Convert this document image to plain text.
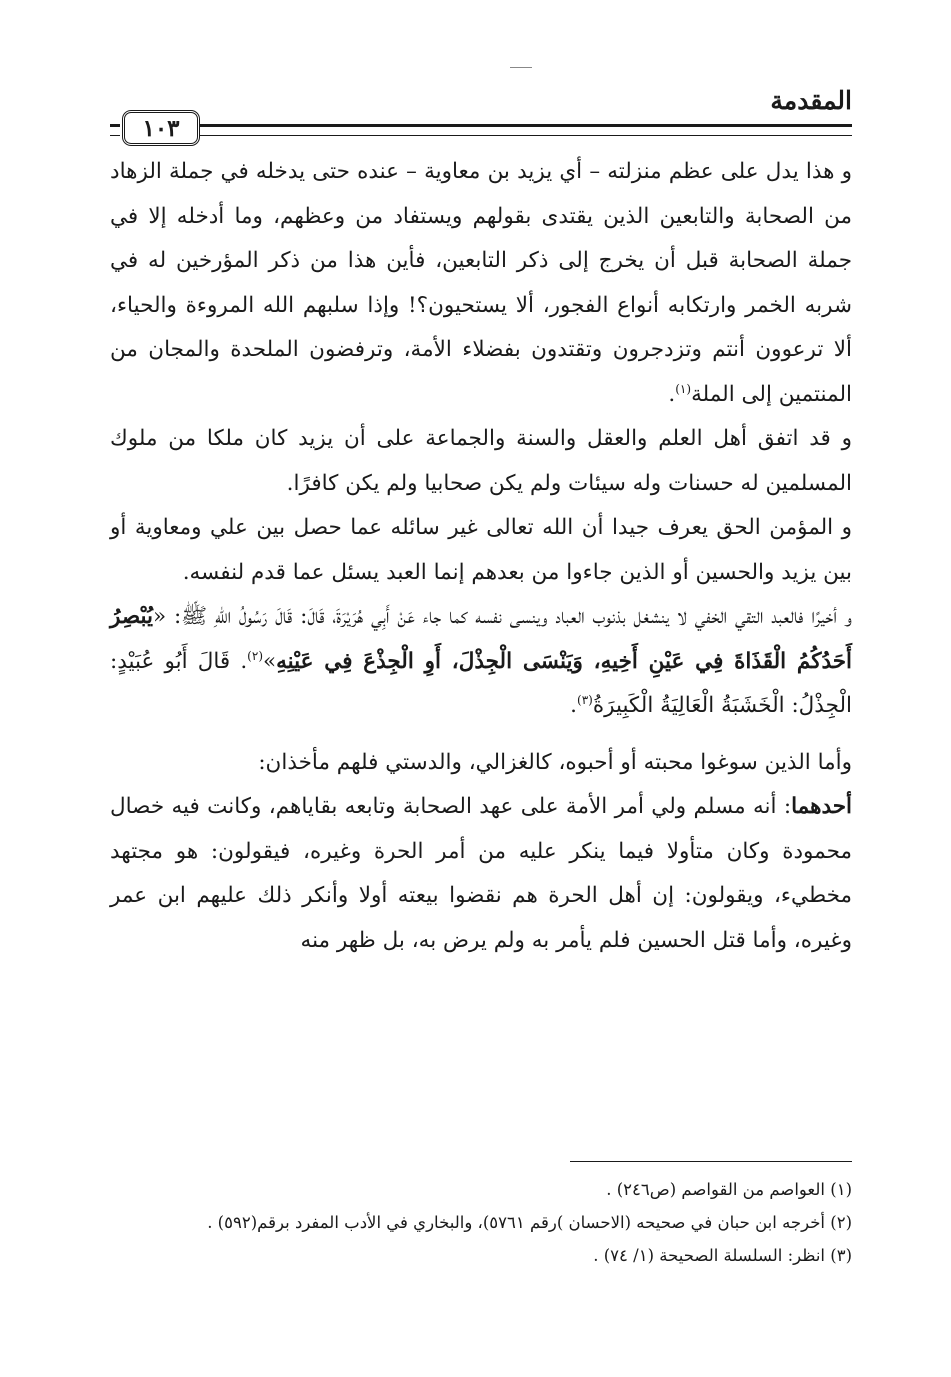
المقدمة
١٠٣

و هذا يدل على عظم منزلته – أي يزيد بن معاوية – عنده حتى يدخله في جملة الزهاد من الصحابة والتابعين الذين يقتدى بقولهم ويستفاد من وعظهم، وما أدخله إلا في جملة الصحابة قبل أن يخرج إلى ذكر التابعين، فأين هذا من ذكر المؤرخين له في شربه الخمر وارتكابه أنواع الفجور، ألا يستحيون؟! وإذا سلبهم الله المروءة والحياء، ألا ترعوون أنتم وتزدجرون وتقتدون بفضلاء الأمة، وترفضون الملحدة والمجان من المنتمين إلى الملة$^{(١)}$.

و قد اتفق أهل العلم والعقل والسنة والجماعة على أن يزيد كان ملكا من ملوك المسلمين له حسنات وله سيئات ولم يكن صحابيا ولم يكن كافرًا.

و المؤمن الحق يعرف جيدا أن الله تعالى غير سائله عما حصل بين علي ومعاوية أو بين يزيد والحسين أو الذين جاءوا من بعدهم إنما العبد يسئل عما قدم لنفسه.

و أخيرًا فالعبد التقي الخفي لا ينشغل بذنوب العباد وينسى نفسه كما جاء عَنْ أَبِي هُرَيْرَةَ، قَالَ: قَالَ رَسُولُ اللهِ ﷺ: «يُبْصِرُ أَحَدُكُمُ الْقَذَاةَ فِي عَيْنِ أَخِيهِ، وَيَنْسَى الْجِذْلَ، أَوِ الْجِذْعَ فِي عَيْنِهِ»$^{(٢)}$. قَالَ أَبُو عُبَيْدٍ: الْجِذْلُ: الْخَشَبَةُ الْعَالِيَةُ الْكَبِيرَةُ$^{(٣)}$.

وأما الذين سوغوا محبته أو أحبوه، كالغزالي، والدستي فلهم مأخذان:

أحدهما: أنه مسلم ولي أمر الأمة على عهد الصحابة وتابعه بقاياهم، وكانت فيه خصال محمودة وكان متأولا فيما ينكر عليه من أمر الحرة وغيره، فيقولون: هو مجتهد مخطيء، ويقولون: إن أهل الحرة هم نقضوا بيعته أولا وأنكر ذلك عليهم ابن عمر وغيره، وأما قتل الحسين فلم يأمر به ولم يرض به، بل ظهر منه

(١) العواصم من القواصم (ص٢٤٦) .
(٢) أخرجه ابن حبان في صحيحه (الاحسان )رقم ٥٧٦١)، والبخاري في الأدب المفرد برقم(٥٩٢) .
(٣) انظر: السلسلة الصحيحة (١/ ٧٤) .
